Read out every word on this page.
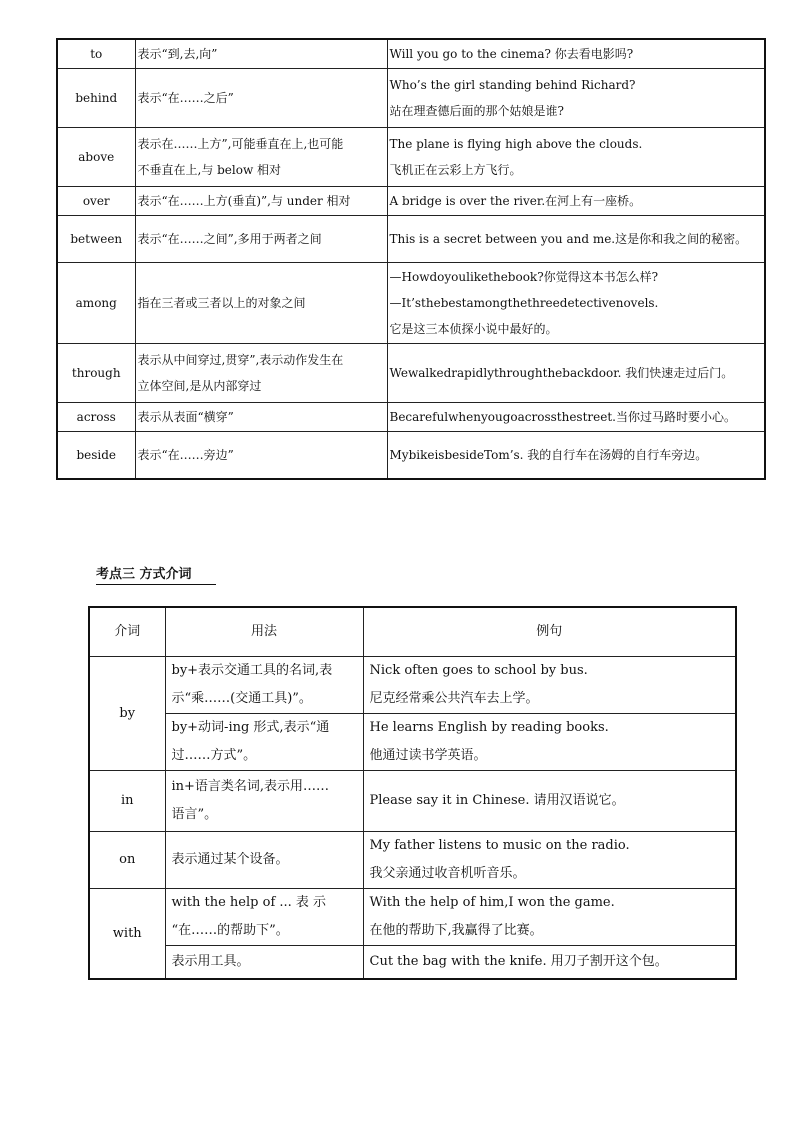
to	表示“到,去,向”	Will you go to the cinema? 你去看电影吗?

behind	表示“在……之后”	Who’s the girl standing behind Richard?
站在理查德后面的那个姑娘是谁?

above	表示在……上方”,可能垂直在上,也可能
不垂直在上,与 below 相对	The plane is flying high above the clouds.
飞机正在云彩上方飞行。

over	表示“在……上方(垂直)”,与 under 相对	A bridge is over the river.在河上有一座桥。

between	表示“在……之间”,多用于两者之间	This is a secret between you and me.这是你和我之间的秘密。

among	指在三者或三者以上的对象之间	—Howdoyoulikethebook?你觉得这本书怎么样?
—It’sthebestamongthethreedetectivenovels.
它是这三本侦探小说中最好的。

through	表示从中间穿过,贯穿”,表示动作发生在
立体空间,是从内部穿过	Wewalkedrapidlythroughthebackdoor. 我们快速走过后门。

across	表示从表面“横穿”	Becarefulwhenyougoacrossthestreet.当你过马路时要小心。

beside	表示“在……旁边”	MybikeisbesideTom’s. 我的自行车在汤姆的自行车旁边。
考点三 方式介词
介词	用法	例句
by	by+表示交通工具的名词,表
示“乘……(交通工具)”。	Nick often goes to school by bus.
尼克经常乘公共汽车去上学。

	by+动词-ing 形式,表示“通
过……方式”。	He learns English by reading books.
他通过读书学英语。

in	in+语言类名词,表示用……
语言”。	Please say it in Chinese. 请用汉语说它。

on	表示通过某个设备。	My father listens to music on the radio.
我父亲通过收音机听音乐。

with	with the help of ... 表 示
“在……的帮助下”。	With the help of him,I won the game.
在他的帮助下,我赢得了比赛。

	表示用工具。	Cut the bag with the knife. 用刀子割开这个包。
